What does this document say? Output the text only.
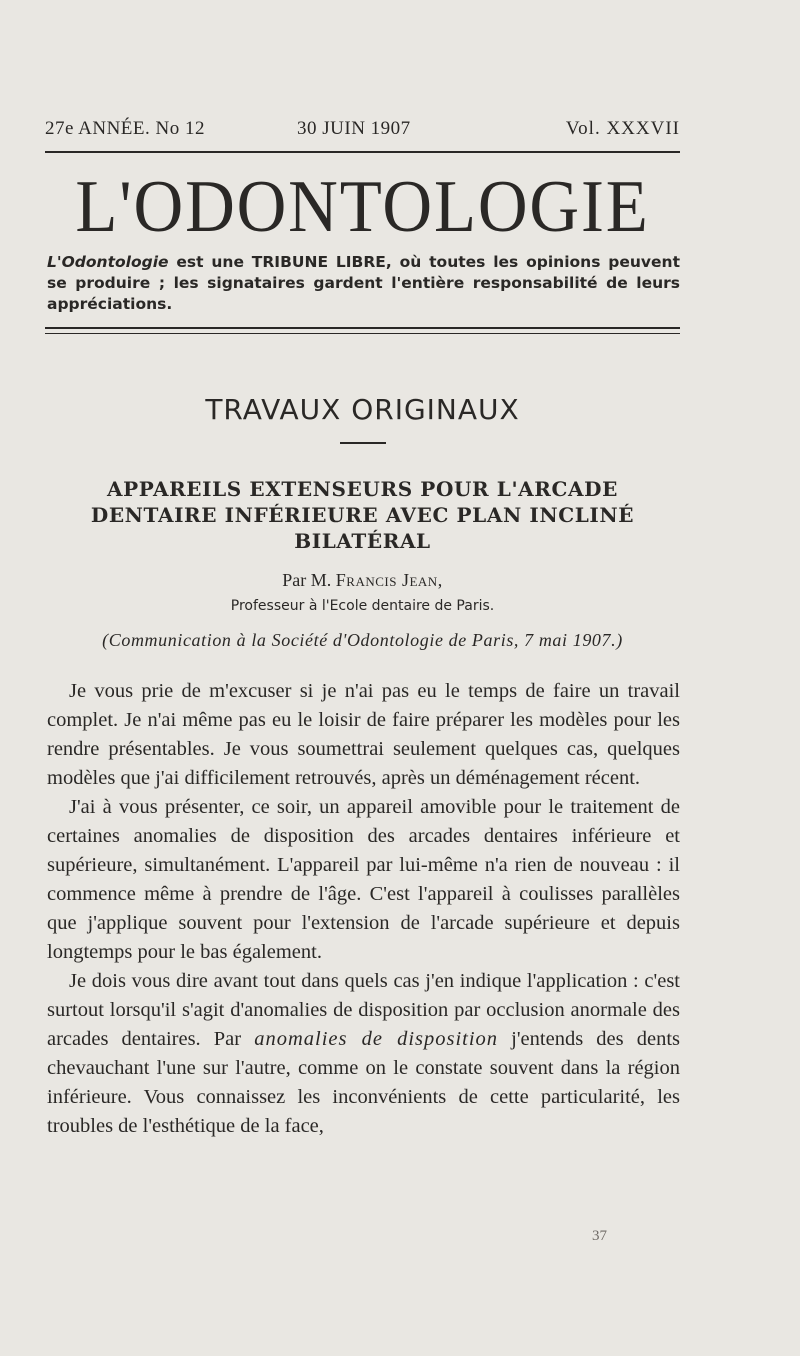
27e ANNÉE. No 12	30 JUIN 1907	Vol. XXXVII
L'ODONTOLOGIE
L'Odontologie est une TRIBUNE LIBRE, où toutes les opinions peuvent se produire ; les signataires gardent l'entière responsabilité de leurs appréciations.
TRAVAUX ORIGINAUX
APPAREILS EXTENSEURS POUR L'ARCADE DENTAIRE INFÉRIEURE AVEC PLAN INCLINÉ BILATÉRAL
Par M. Francis Jean,
Professeur à l'Ecole dentaire de Paris.
(Communication à la Société d'Odontologie de Paris, 7 mai 1907.)

Je vous prie de m'excuser si je n'ai pas eu le temps de faire un travail complet. Je n'ai même pas eu le loisir de faire préparer les modèles pour les rendre présentables. Je vous soumettrai seulement quelques cas, quelques modèles que j'ai difficilement retrouvés, après un déménagement récent.

J'ai à vous présenter, ce soir, un appareil amovible pour le traitement de certaines anomalies de disposition des arcades dentaires inférieure et supérieure, simultanément. L'appareil par lui-même n'a rien de nouveau : il commence même à prendre de l'âge. C'est l'appareil à coulisses parallèles que j'applique souvent pour l'extension de l'arcade supérieure et depuis longtemps pour le bas également.

Je dois vous dire avant tout dans quels cas j'en indique l'application : c'est surtout lorsqu'il s'agit d'anomalies de disposition par occlusion anormale des arcades dentaires. Par anomalies de disposition j'entends des dents chevauchant l'une sur l'autre, comme on le constate souvent dans la région inférieure. Vous connaissez les inconvénients de cette particularité, les troubles de l'esthétique de la face,

37
